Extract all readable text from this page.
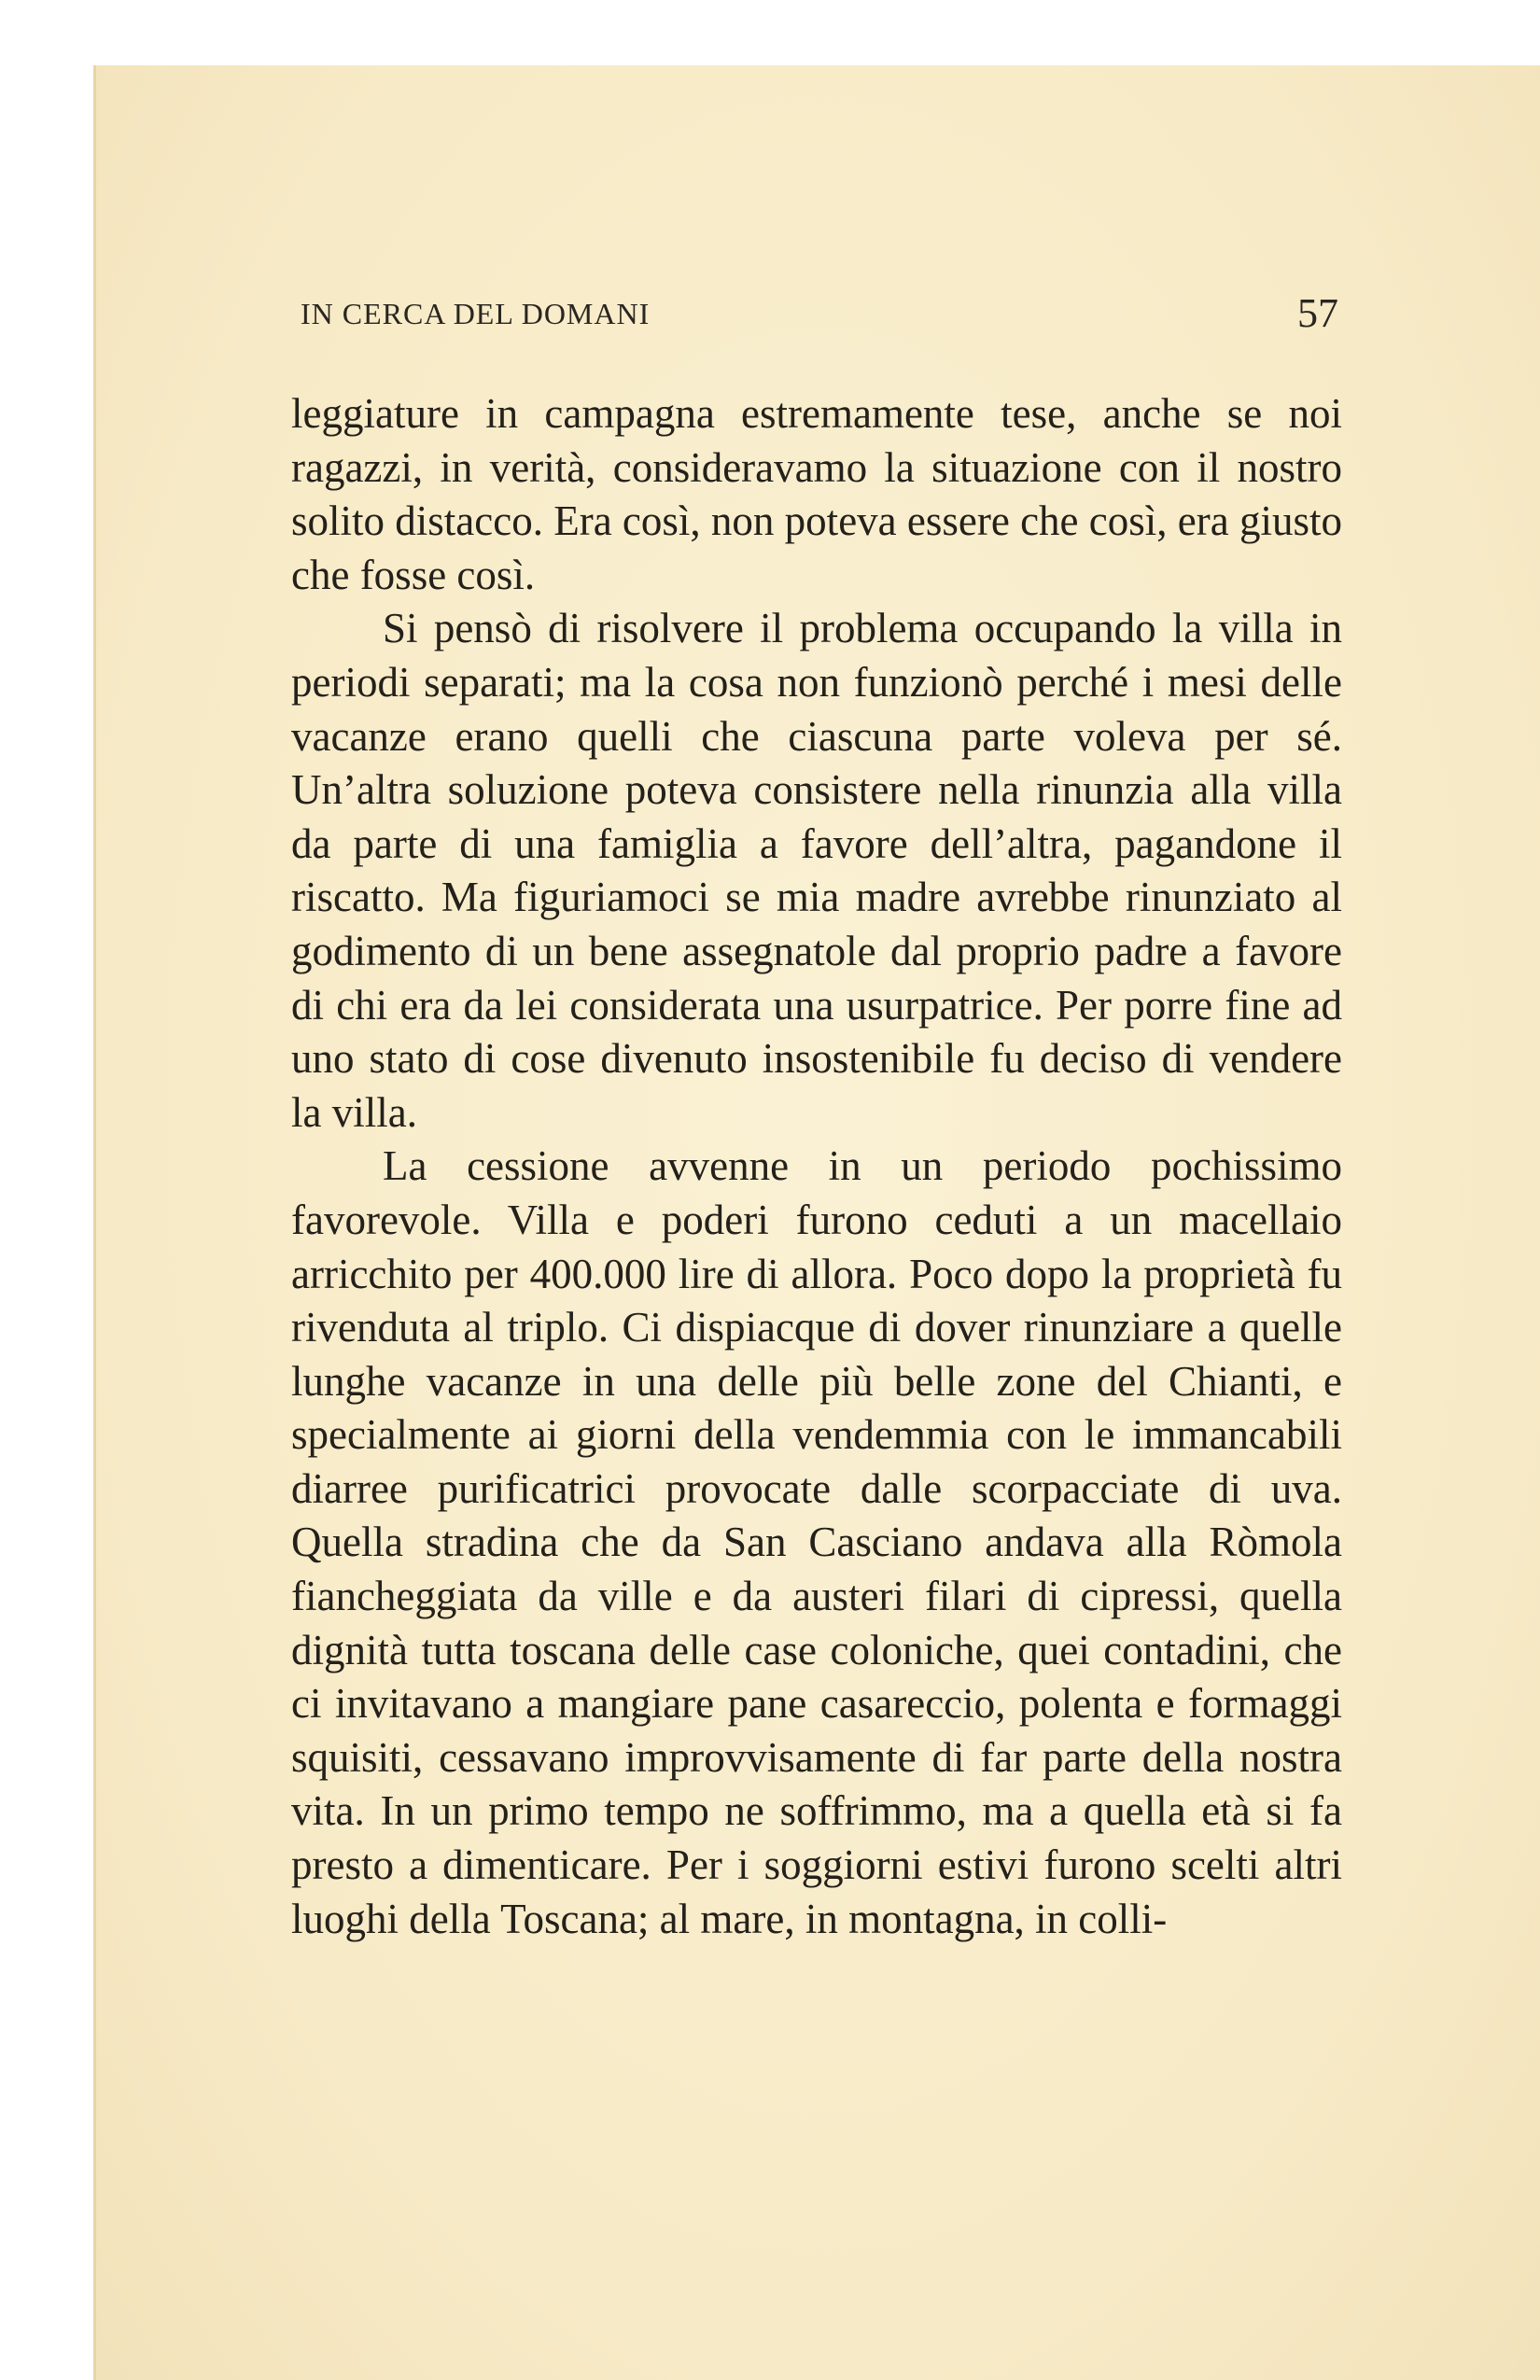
IN CERCA DEL DOMANI	57

leggiature in campagna estremamente tese, anche se noi ragazzi, in verità, consideravamo la situazione con il nostro solito distacco. Era così, non poteva essere che così, era giusto che fosse così.

Si pensò di risolvere il problema occupando la villa in periodi separati; ma la cosa non funzionò perché i mesi delle vacanze erano quelli che ciascuna parte voleva per sé. Un’altra soluzione poteva consistere nella rinunzia alla villa da parte di una famiglia a favore dell’altra, pagandone il riscatto. Ma figuriamoci se mia madre avrebbe rinunziato al godimento di un bene assegnatole dal proprio padre a favore di chi era da lei considerata una usurpatrice. Per porre fine ad uno stato di cose divenuto insostenibile fu deciso di vendere la villa.

La cessione avvenne in un periodo pochissimo favorevole. Villa e poderi furono ceduti a un macellaio arricchito per 400.000 lire di allora. Poco dopo la proprietà fu rivenduta al triplo. Ci dispiacque di dover rinunziare a quelle lunghe vacanze in una delle più belle zone del Chianti, e specialmente ai giorni della vendemmia con le immancabili diarree purificatrici provocate dalle scorpacciate di uva. Quella stradina che da San Casciano andava alla Ròmola fiancheggiata da ville e da austeri filari di cipressi, quella dignità tutta toscana delle case coloniche, quei contadini, che ci invitavano a mangiare pane casareccio, polenta e formaggi squisiti, cessavano improvvisamente di far parte della nostra vita. In un primo tempo ne soffrimmo, ma a quella età si fa presto a dimenticare. Per i soggiorni estivi furono scelti altri luoghi della Toscana; al mare, in montagna, in colli-
